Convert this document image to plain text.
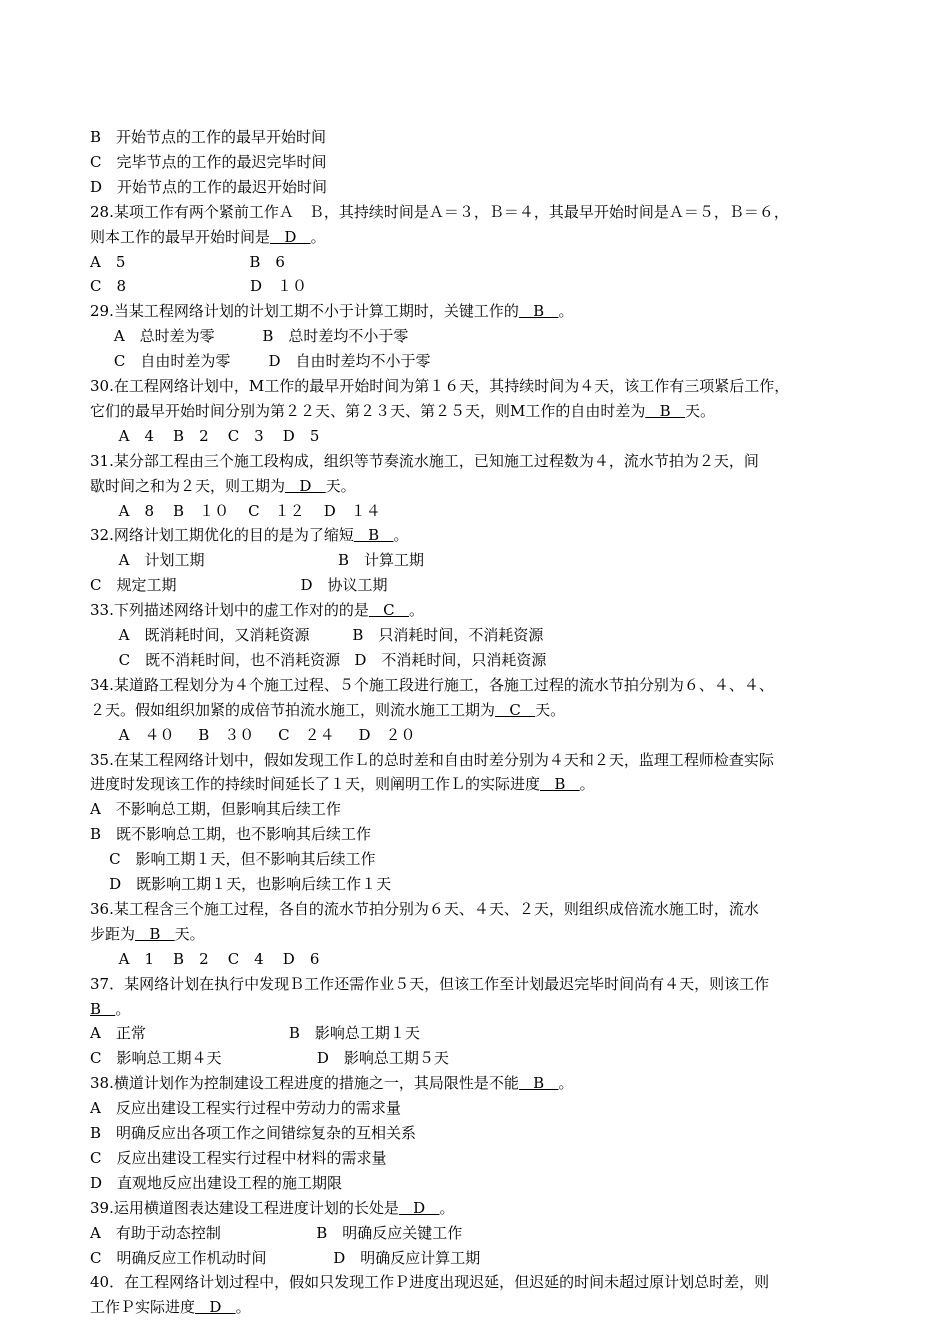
B　开始节点的工作的最早开始时间
C　完毕节点的工作的最迟完毕时间
D　开始节点的工作的最迟开始时间
28.某项工作有两个紧前工作Ａ　Ｂ，其持续时间是Ａ＝３，Ｂ＝４，其最早开始时间是Ａ＝５，Ｂ＝６，
则本工作的最早开始时间是   D   。
A　5                          B　6
C　8                          D　１０
29.当某工程网络计划的计划工期不小于计算工期时，关键工作的   B   。
A　总时差为零          B　总时差均不小于零
C　自由时差为零        D　自由时差均不小于零
30.在工程网络计划中，M工作的最早开始时间为第１６天，其持续时间为４天，该工作有三项紧后工作，
它们的最早开始时间分别为第２２天、第２３天、第２５天，则M工作的自由时差为   B   天。
A　4    B　2    C　3    D　5
31.某分部工程由三个施工段构成，组织等节奏流水施工，已知施工过程数为４，流水节拍为２天，间
歇时间之和为２天，则工期为   D   天。
A　8    B　１０    C　１２    D　１４
32.网络计划工期优化的目的是为了缩短   B   。
A　计划工期                            B　计算工期
C　规定工期                          D　协议工期
33.下列描述网络计划中的虚工作对的的是   C   。
A　既消耗时间，又消耗资源         B　只消耗时间，不消耗资源
C　既不消耗时间，也不消耗资源   D　不消耗时间，只消耗资源
34.某道路工程划分为４个施工过程、５个施工段进行施工，各施工过程的流水节拍分别为６、４、４、
２天。假如组织加紧的成倍节拍流水施工，则流水施工工期为   C   天。
A　４０     B　３０     C　２４     D　２０
35.在某工程网络计划中，假如发现工作Ｌ的总时差和自由时差分别为４天和２天，监理工程师检查实际
进度时发现该工作的持续时间延长了１天，则阐明工作Ｌ的实际进度   B   。
A　不影响总工期，但影响其后续工作
B　既不影响总工期，也不影响其后续工作
C　影响工期１天，但不影响其后续工作
D　既影响工期１天，也影响后续工作１天
36.某工程含三个施工过程，各自的流水节拍分别为６天、４天、２天，则组织成倍流水施工时，流水
步距为   B   天。
A　1    B　2    C　4    D　6
37．某网络计划在执行中发现Ｂ工作还需作业５天，但该工作至计划最迟完毕时间尚有４天，则该工作
B   。
A　正常                              B　影响总工期１天
C　影响总工期４天                    D　影响总工期５天
38.横道计划作为控制建设工程进度的措施之一，其局限性是不能   B   。
A　反应出建设工程实行过程中劳动力的需求量
B　明确反应出各项工作之间错综复杂的互相关系
C　反应出建设工程实行过程中材料的需求量
D　直观地反应出建设工程的施工期限
39.运用横道图表达建设工程进度计划的长处是   D   。
A　有助于动态控制                    B　明确反应关键工作
C　明确反应工作机动时间              D　明确反应计算工期
40．在工程网络计划过程中，假如只发现工作Ｐ进度出现迟延，但迟延的时间未超过原计划总时差，则
工作Ｐ实际进度   D   。
